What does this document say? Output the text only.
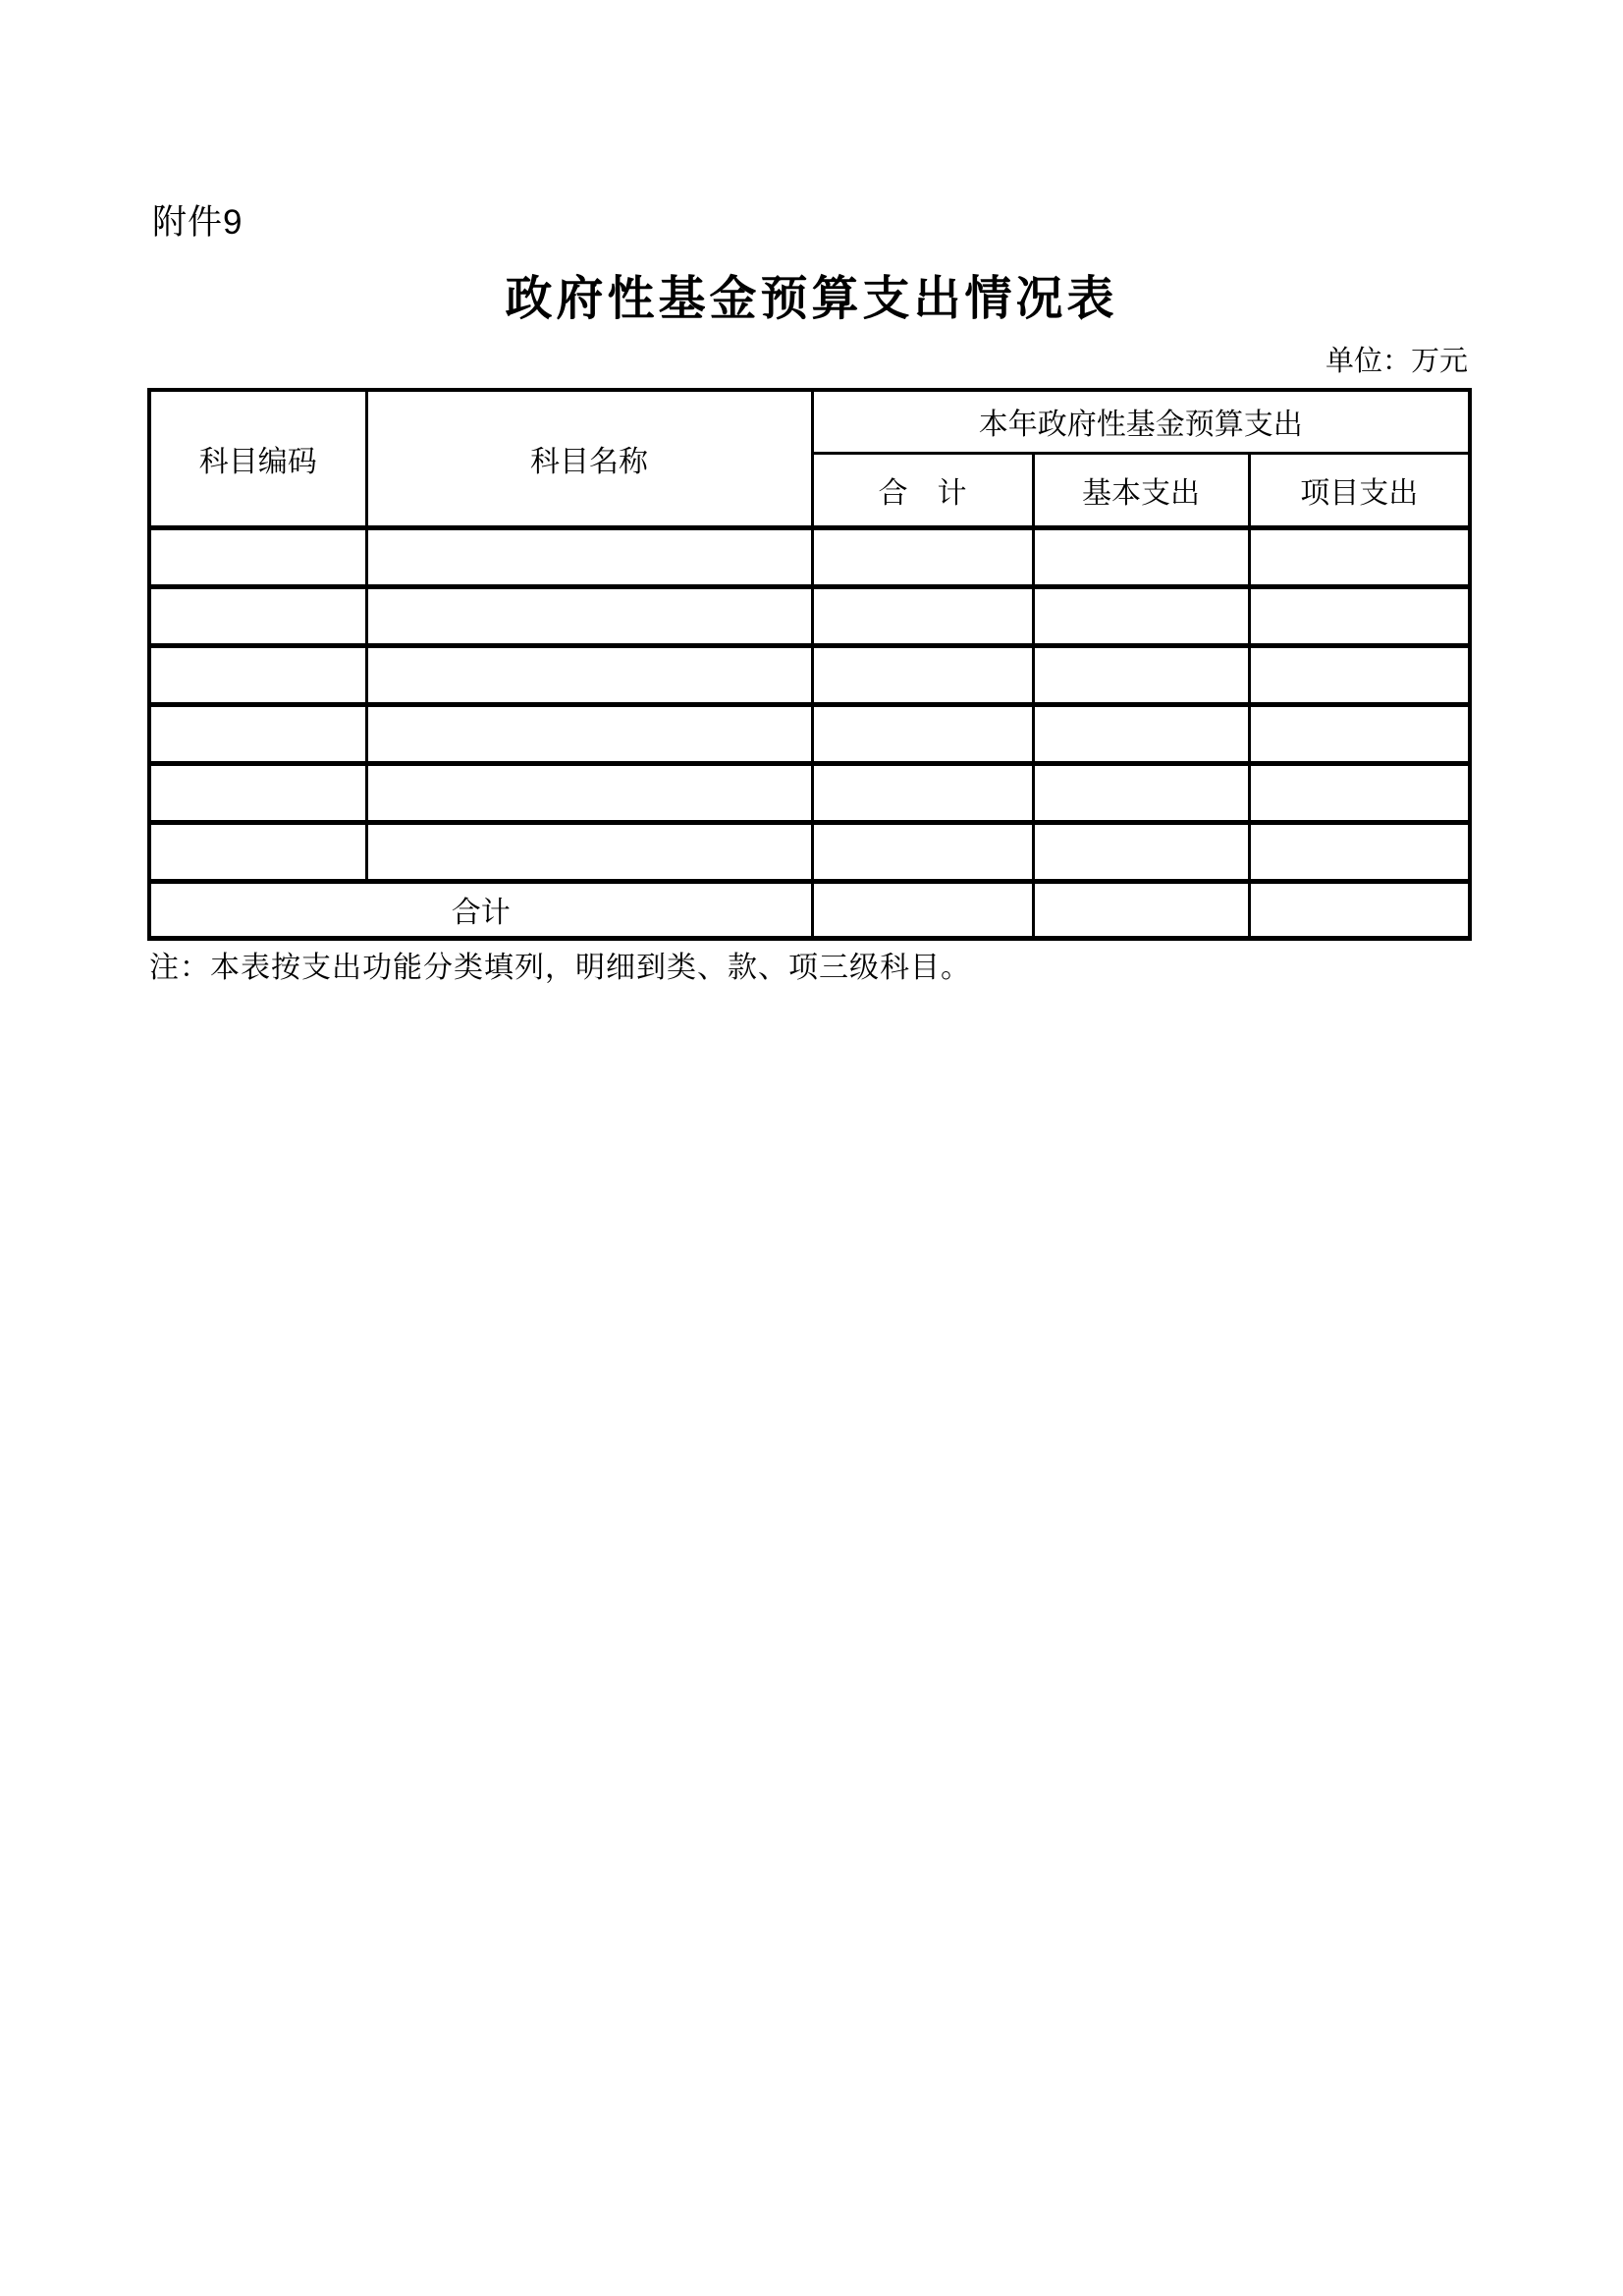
附件9
政府性基金预算支出情况表
单位：万元
科目编码	科目名称	本年政府性基金预算支出		
		合　计	基本支出	项目支出

合计				
注：本表按支出功能分类填列，明细到类、款、项三级科目。
